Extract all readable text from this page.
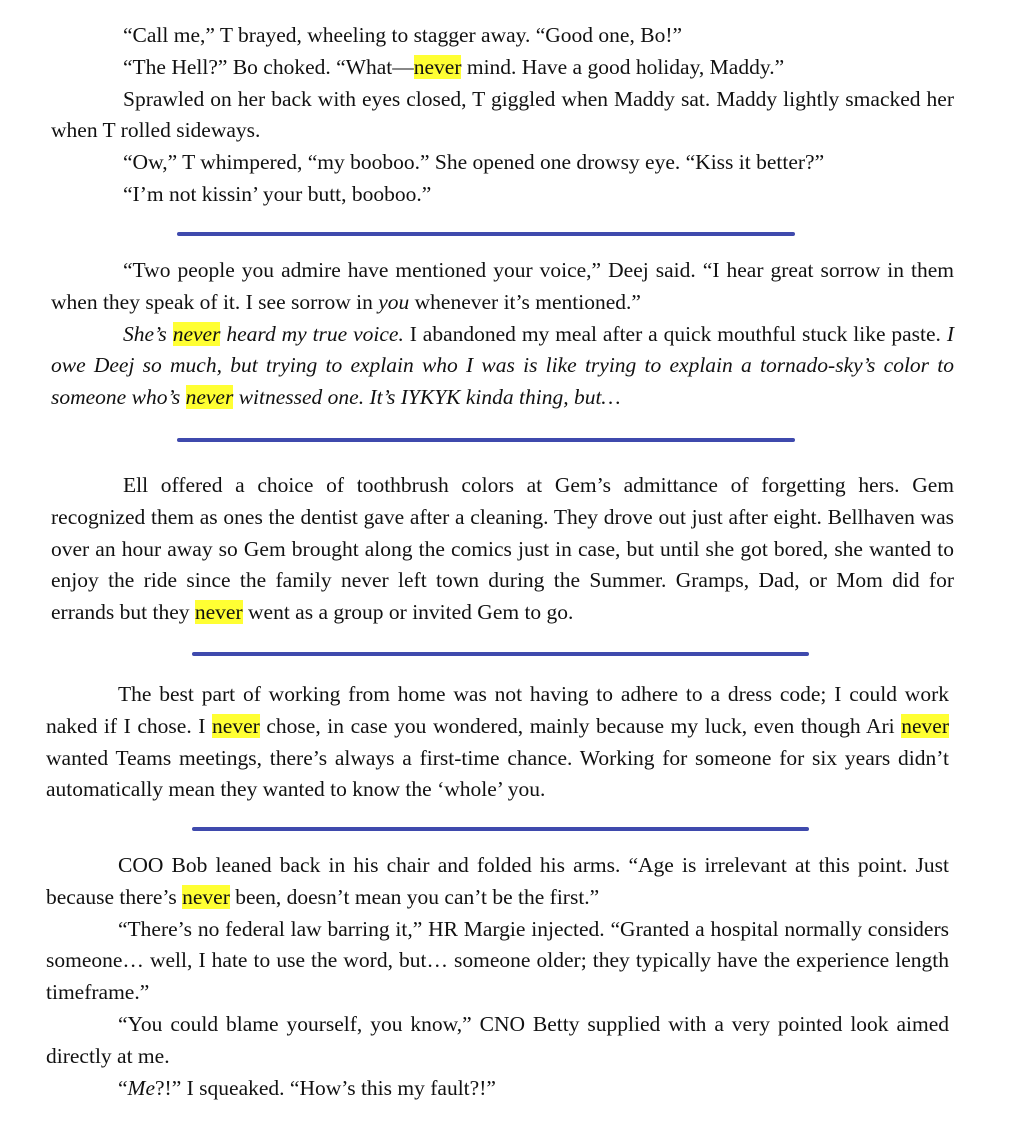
“Call me,” T brayed, wheeling to stagger away. “Good one, Bo!”

“The Hell?” Bo choked. “What—never mind. Have a good holiday, Maddy.”

Sprawled on her back with eyes closed, T giggled when Maddy sat. Maddy lightly smacked her when T rolled sideways.

“Ow,” T whimpered, “my booboo.” She opened one drowsy eye. “Kiss it better?”

“I’m not kissin’ your butt, booboo.”

“Two people you admire have mentioned your voice,” Deej said. “I hear great sorrow in them when they speak of it. I see sorrow in you whenever it’s mentioned.”

She’s never heard my true voice. I abandoned my meal after a quick mouthful stuck like paste. I owe Deej so much, but trying to explain who I was is like trying to explain a tornado-sky’s color to someone who’s never witnessed one. It’s IYKYK kinda thing, but…

Ell offered a choice of toothbrush colors at Gem’s admittance of forgetting hers. Gem recognized them as ones the dentist gave after a cleaning. They drove out just after eight. Bellhaven was over an hour away so Gem brought along the comics just in case, but until she got bored, she wanted to enjoy the ride since the family never left town during the Summer. Gramps, Dad, or Mom did for errands but they never went as a group or invited Gem to go.

The best part of working from home was not having to adhere to a dress code; I could work naked if I chose. I never chose, in case you wondered, mainly because my luck, even though Ari never wanted Teams meetings, there’s always a first-time chance. Working for someone for six years didn’t automatically mean they wanted to know the ‘whole’ you.

COO Bob leaned back in his chair and folded his arms. “Age is irrelevant at this point. Just because there’s never been, doesn’t mean you can’t be the first.”

“There’s no federal law barring it,” HR Margie injected. “Granted a hospital normally considers someone… well, I hate to use the word, but… someone older; they typically have the experience length timeframe.”

“You could blame yourself, you know,” CNO Betty supplied with a very pointed look aimed directly at me.

“Me?!” I squeaked. “How’s this my fault?!”
